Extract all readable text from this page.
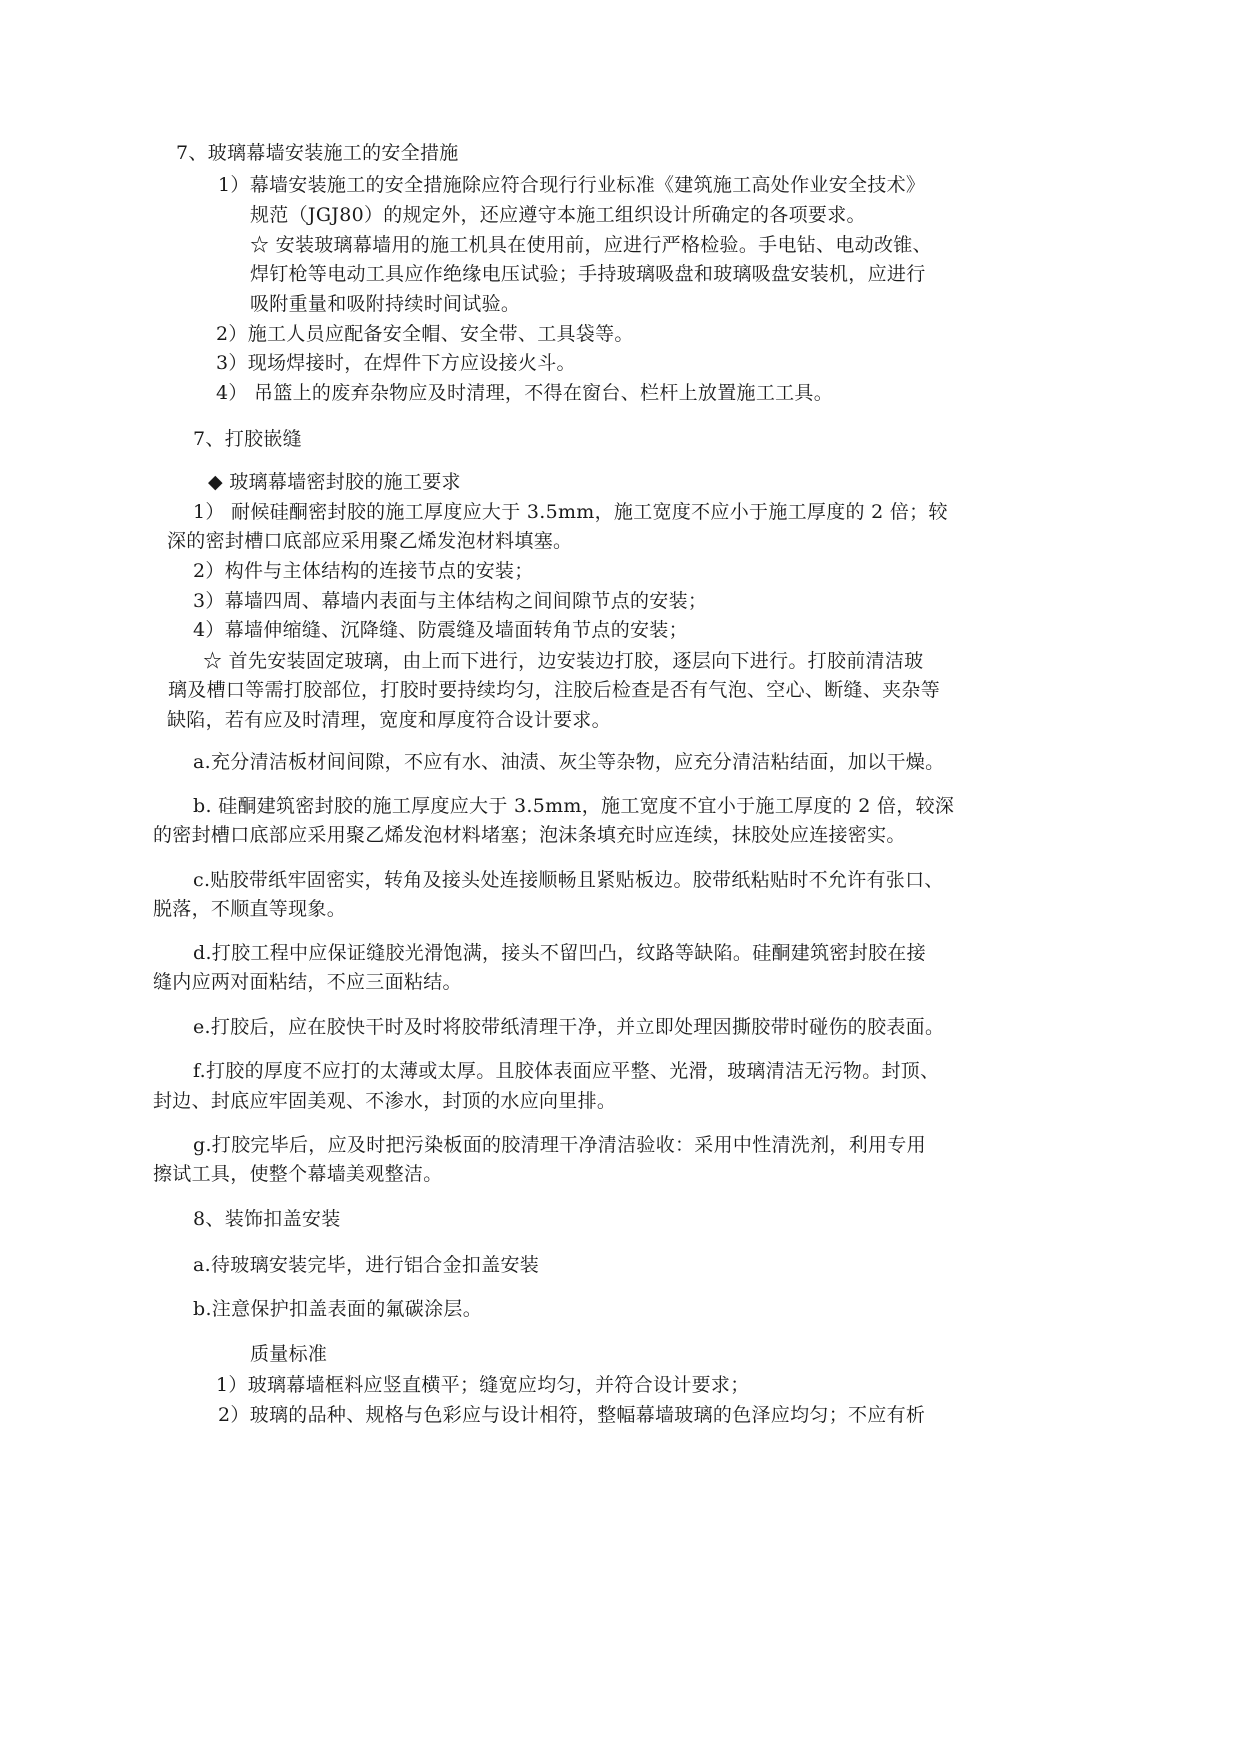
7、玻璃幕墙安装施工的安全措施
1）幕墙安装施工的安全措施除应符合现行行业标准《建筑施工高处作业安全技术》
规范（JGJ80）的规定外，还应遵守本施工组织设计所确定的各项要求。
☆ 安装玻璃幕墙用的施工机具在使用前，应进行严格检验。手电钻、电动改锥、
焊钉枪等电动工具应作绝缘电压试验；手持玻璃吸盘和玻璃吸盘安装机，应进行
吸附重量和吸附持续时间试验。
2）施工人员应配备安全帽、安全带、工具袋等。
3）现场焊接时，在焊件下方应设接火斗。
4） 吊篮上的废弃杂物应及时清理，不得在窗台、栏杆上放置施工工具。
7、打胶嵌缝
◆ 玻璃幕墙密封胶的施工要求
1） 耐候硅酮密封胶的施工厚度应大于 3.5mm，施工宽度不应小于施工厚度的 2 倍；较
深的密封槽口底部应采用聚乙烯发泡材料填塞。
2）构件与主体结构的连接节点的安装；
3）幕墙四周、幕墙内表面与主体结构之间间隙节点的安装；
4）幕墙伸缩缝、沉降缝、防震缝及墙面转角节点的安装；
☆ 首先安装固定玻璃，由上而下进行，边安装边打胶，逐层向下进行。打胶前清洁玻
璃及槽口等需打胶部位，打胶时要持续均匀，注胶后检查是否有气泡、空心、断缝、夹杂等
缺陷，若有应及时清理，宽度和厚度符合设计要求。
a.充分清洁板材间间隙，不应有水、油渍、灰尘等杂物，应充分清洁粘结面，加以干燥。
b. 硅酮建筑密封胶的施工厚度应大于 3.5mm，施工宽度不宜小于施工厚度的 2 倍，较深
的密封槽口底部应采用聚乙烯发泡材料堵塞；泡沫条填充时应连续，抹胶处应连接密实。
c.贴胶带纸牢固密实，转角及接头处连接顺畅且紧贴板边。胶带纸粘贴时不允许有张口、
脱落，不顺直等现象。
d.打胶工程中应保证缝胶光滑饱满，接头不留凹凸，纹路等缺陷。硅酮建筑密封胶在接
缝内应两对面粘结，不应三面粘结。
e.打胶后，应在胶快干时及时将胶带纸清理干净，并立即处理因撕胶带时碰伤的胶表面。
f.打胶的厚度不应打的太薄或太厚。且胶体表面应平整、光滑，玻璃清洁无污物。封顶、
封边、封底应牢固美观、不渗水，封顶的水应向里排。
g.打胶完毕后，应及时把污染板面的胶清理干净清洁验收：采用中性清洗剂，利用专用
擦试工具，使整个幕墙美观整洁。
8、装饰扣盖安装
a.待玻璃安装完毕，进行铝合金扣盖安装
b.注意保护扣盖表面的氟碳涂层。
质量标准
1）玻璃幕墙框料应竖直横平；缝宽应均匀，并符合设计要求；
2）玻璃的品种、规格与色彩应与设计相符，整幅幕墙玻璃的色泽应均匀；不应有析
